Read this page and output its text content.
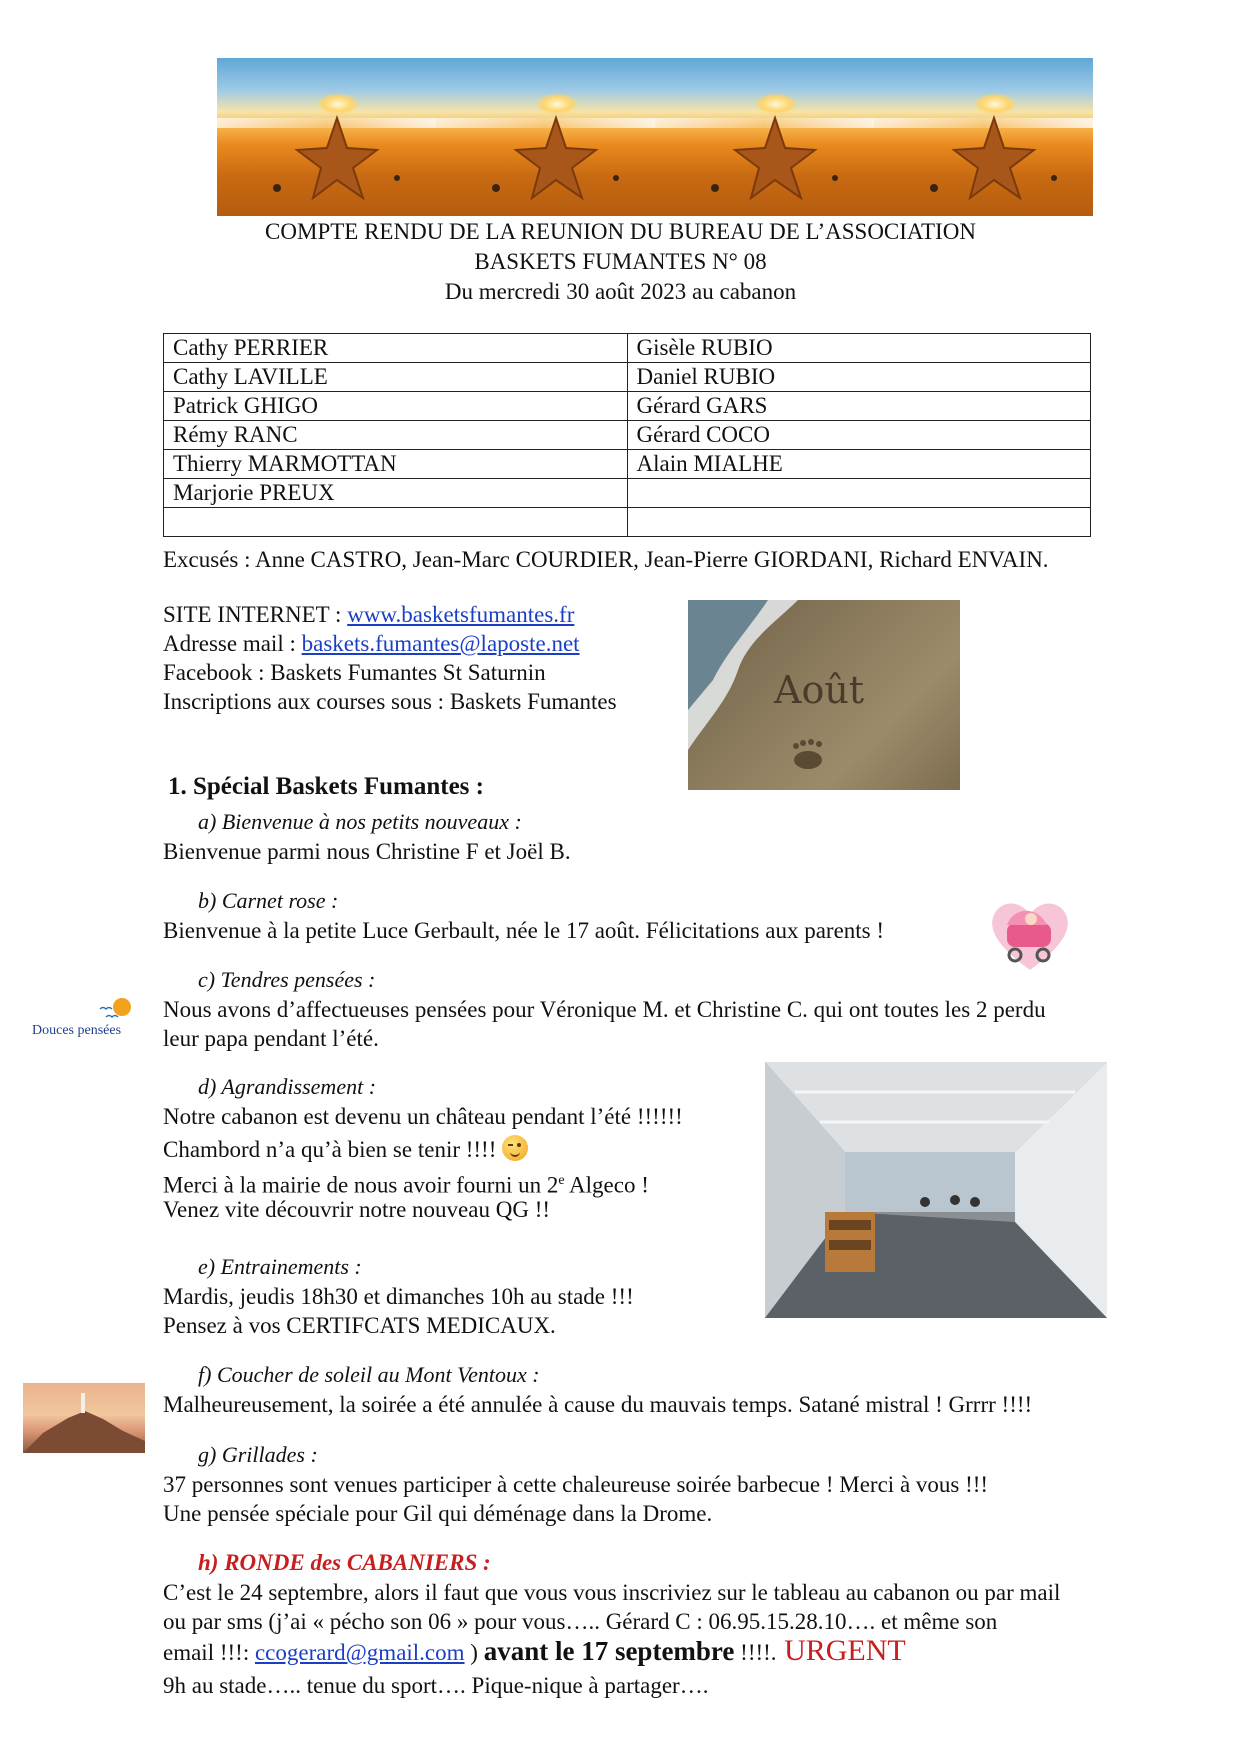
COMPTE RENDU DE LA REUNION DU BUREAU DE L’ASSOCIATION
BASKETS FUMANTES N° 08
Du mercredi 30 août 2023 au cabanon
Cathy PERRIER	Gisèle RUBIO
Cathy LAVILLE	Daniel RUBIO
Patrick GHIGO	Gérard GARS
Rémy RANC	Gérard COCO
Thierry MARMOTTAN	Alain MIALHE
Marjorie PREUX	

Excusés : Anne CASTRO, Jean-Marc COURDIER, Jean-Pierre GIORDANI, Richard ENVAIN.
SITE INTERNET : www.basketsfumantes.fr
Adresse mail : baskets.fumantes@laposte.net
Facebook : Baskets Fumantes St Saturnin
Inscriptions aux courses sous : Baskets Fumantes	Août
1. Spécial Baskets Fumantes :
a) Bienvenue à nos petits nouveaux :
Bienvenue parmi nous Christine F et Joël B.
b) Carnet rose :
Bienvenue à la petite Luce Gerbault, née le 17 août. Félicitations aux parents !
c) Tendres pensées :
Nous avons d’affectueuses pensées pour Véronique M. et Christine C. qui ont toutes les 2 perdu
leur papa pendant l’été.
Douces pensées
d) Agrandissement :
Notre cabanon est devenu un château pendant l’été !!!!!!
Chambord n’a qu’à bien se tenir !!!!
Merci à la mairie de nous avoir fourni un 2e Algeco !
Venez vite découvrir notre nouveau QG !!
e) Entrainements :
Mardis, jeudis 18h30 et dimanches 10h au stade !!!
Pensez à vos CERTIFCATS MEDICAUX.
f) Coucher de soleil au Mont Ventoux :
Malheureusement, la soirée a été annulée à cause du mauvais temps. Satané mistral ! Grrrr !!!!
g) Grillades :
37 personnes sont venues participer à cette chaleureuse soirée barbecue ! Merci à vous !!!
Une pensée spéciale pour Gil qui déménage dans la Drome.
h) RONDE des CABANIERS :
C’est le 24 septembre, alors il faut que vous vous inscriviez sur le tableau au cabanon ou par mail
ou par sms (j’ai « pécho son 06 » pour vous….. Gérard C : 06.95.15.28.10…. et même son
email !!!: ccogerard@gmail.com ) avant le 17 septembre !!!!. URGENT
9h au stade….. tenue du sport…. Pique-nique à partager….
